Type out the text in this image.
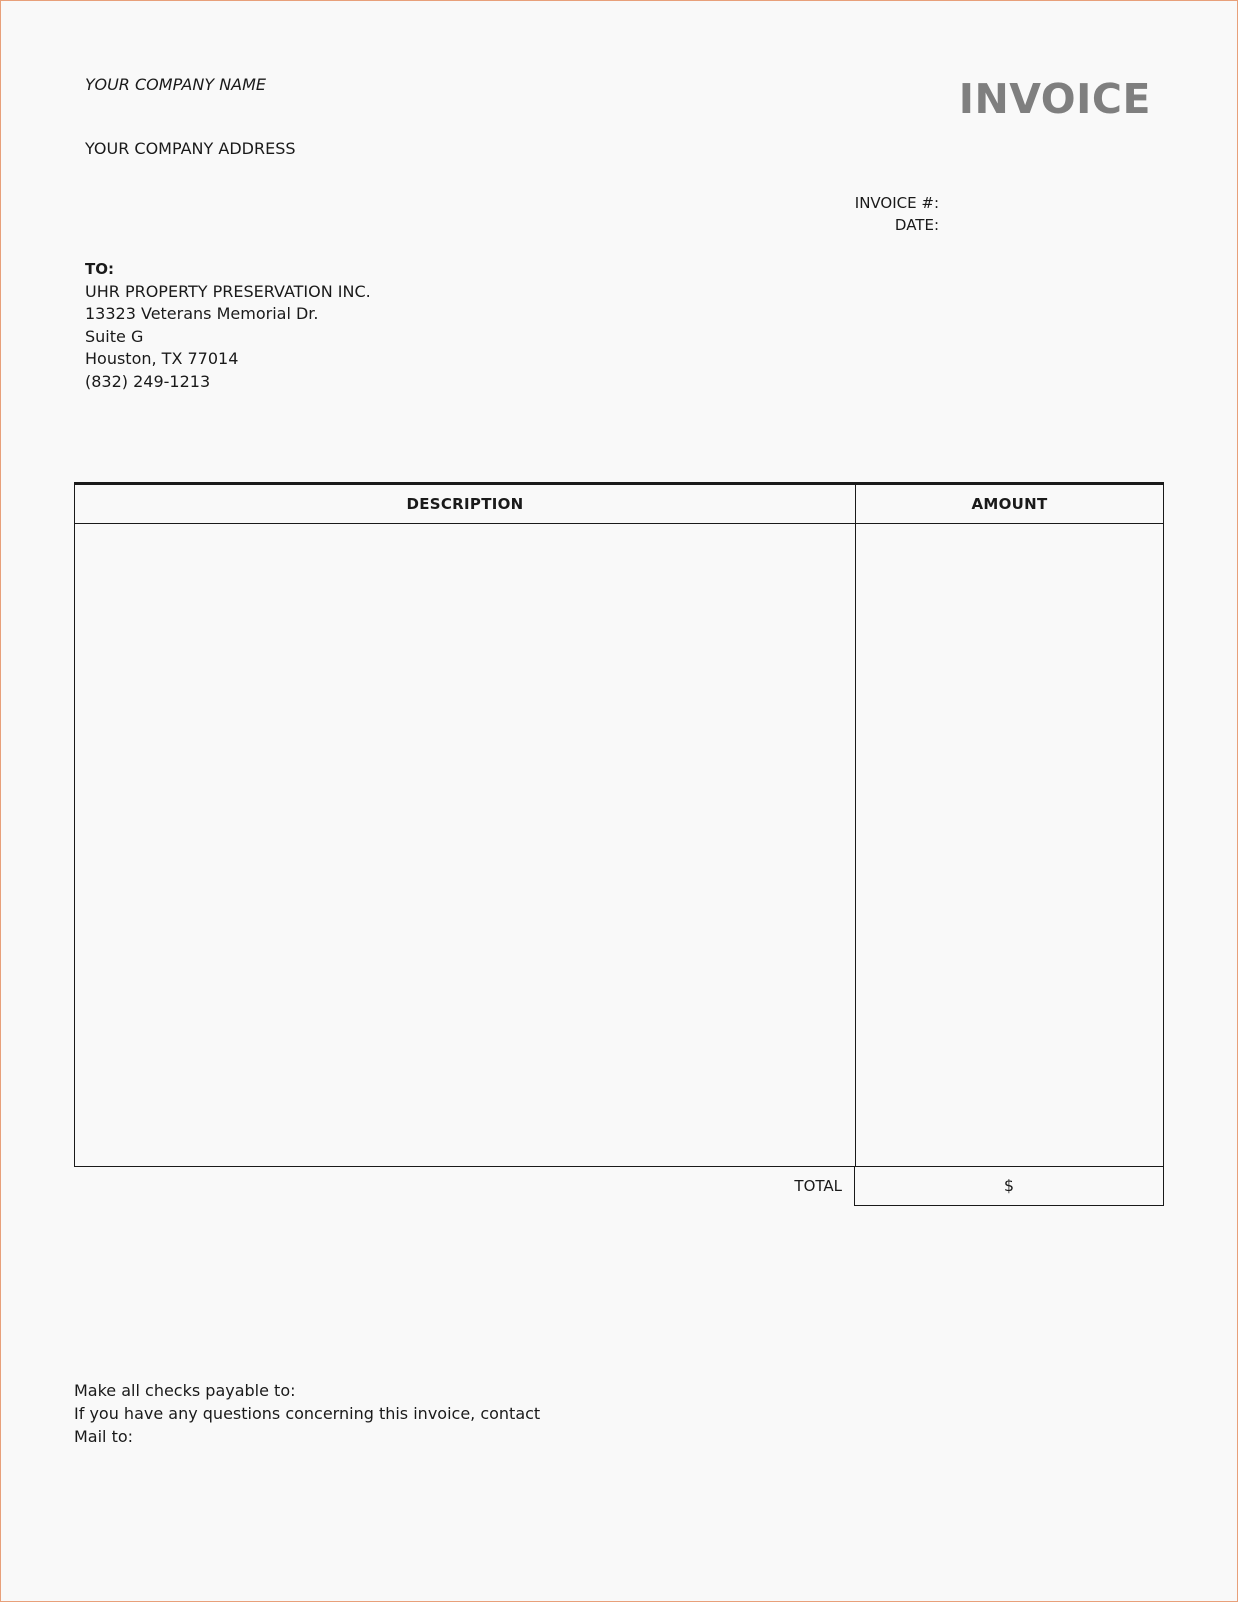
YOUR COMPANY NAME
YOUR COMPANY ADDRESS
INVOICE
INVOICE #:
DATE:
TO:
UHR PROPERTY PRESERVATION INC.
13323 Veterans Memorial Dr.
Suite G
Houston, TX 77014
(832) 249-1213
DESCRIPTION	AMOUNT
TOTAL	$
Make all checks payable to:
If you have any questions concerning this invoice, contact
Mail to:
